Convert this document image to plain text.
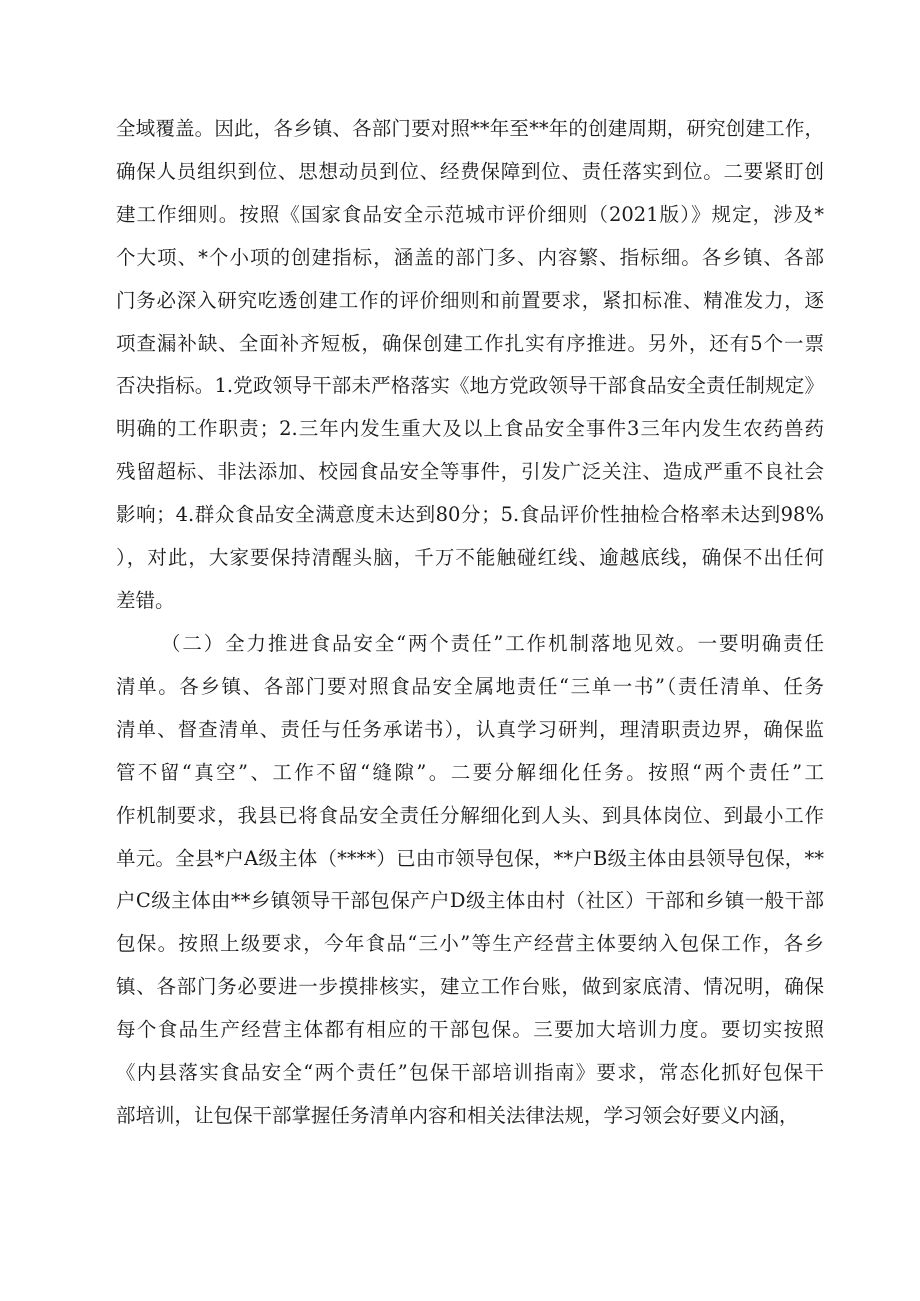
全域覆盖。因此，各乡镇、各部门要对照**年至**年的创建周期，研究创建工作，
确保人员组织到位、思想动员到位、经费保障到位、责任落实到位。二要紧盯创
建工作细则。按照《国家食品安全示范城市评价细则（2021版）》规定，涉及*
个大项、*个小项的创建指标，涵盖的部门多、内容繁、指标细。各乡镇、各部
门务必深入研究吃透创建工作的评价细则和前置要求，紧扣标准、精准发力，逐
项查漏补缺、全面补齐短板，确保创建工作扎实有序推进。另外，还有5个一票
否决指标。1.党政领导干部未严格落实《地方党政领导干部食品安全责任制规定》
明确的工作职责；2.三年内发生重大及以上食品安全事件3三年内发生农药兽药
残留超标、非法添加、校园食品安全等事件，引发广泛关注、造成严重不良社会
影响；4.群众食品安全满意度未达到80分；5.食品评价性抽检合格率未达到98%
），对此，大家要保持清醒头脑，千万不能触碰红线、逾越底线，确保不出任何
差错。
（二）全力推进食品安全“两个责任”工作机制落地见效。一要明确责任
清单。各乡镇、各部门要对照食品安全属地责任“三单一书”（责任清单、任务
清单、督查清单、责任与任务承诺书），认真学习研判，理清职责边界，确保监
管不留“真空”、工作不留“缝隙”。二要分解细化任务。按照“两个责任”工
作机制要求，我县已将食品安全责任分解细化到人头、到具体岗位、到最小工作
单元。全县*户A级主体（****）已由市领导包保，**户B级主体由县领导包保，**
户C级主体由**乡镇领导干部包保产户D级主体由村（社区）干部和乡镇一般干部
包保。按照上级要求，今年食品“三小”等生产经营主体要纳入包保工作，各乡
镇、各部门务必要进一步摸排核实，建立工作台账，做到家底清、情况明，确保
每个食品生产经营主体都有相应的干部包保。三要加大培训力度。要切实按照
《内县落实食品安全“两个责任”包保干部培训指南》要求，常态化抓好包保干
部培训，让包保干部掌握任务清单内容和相关法律法规，学习领会好要义内涵，
